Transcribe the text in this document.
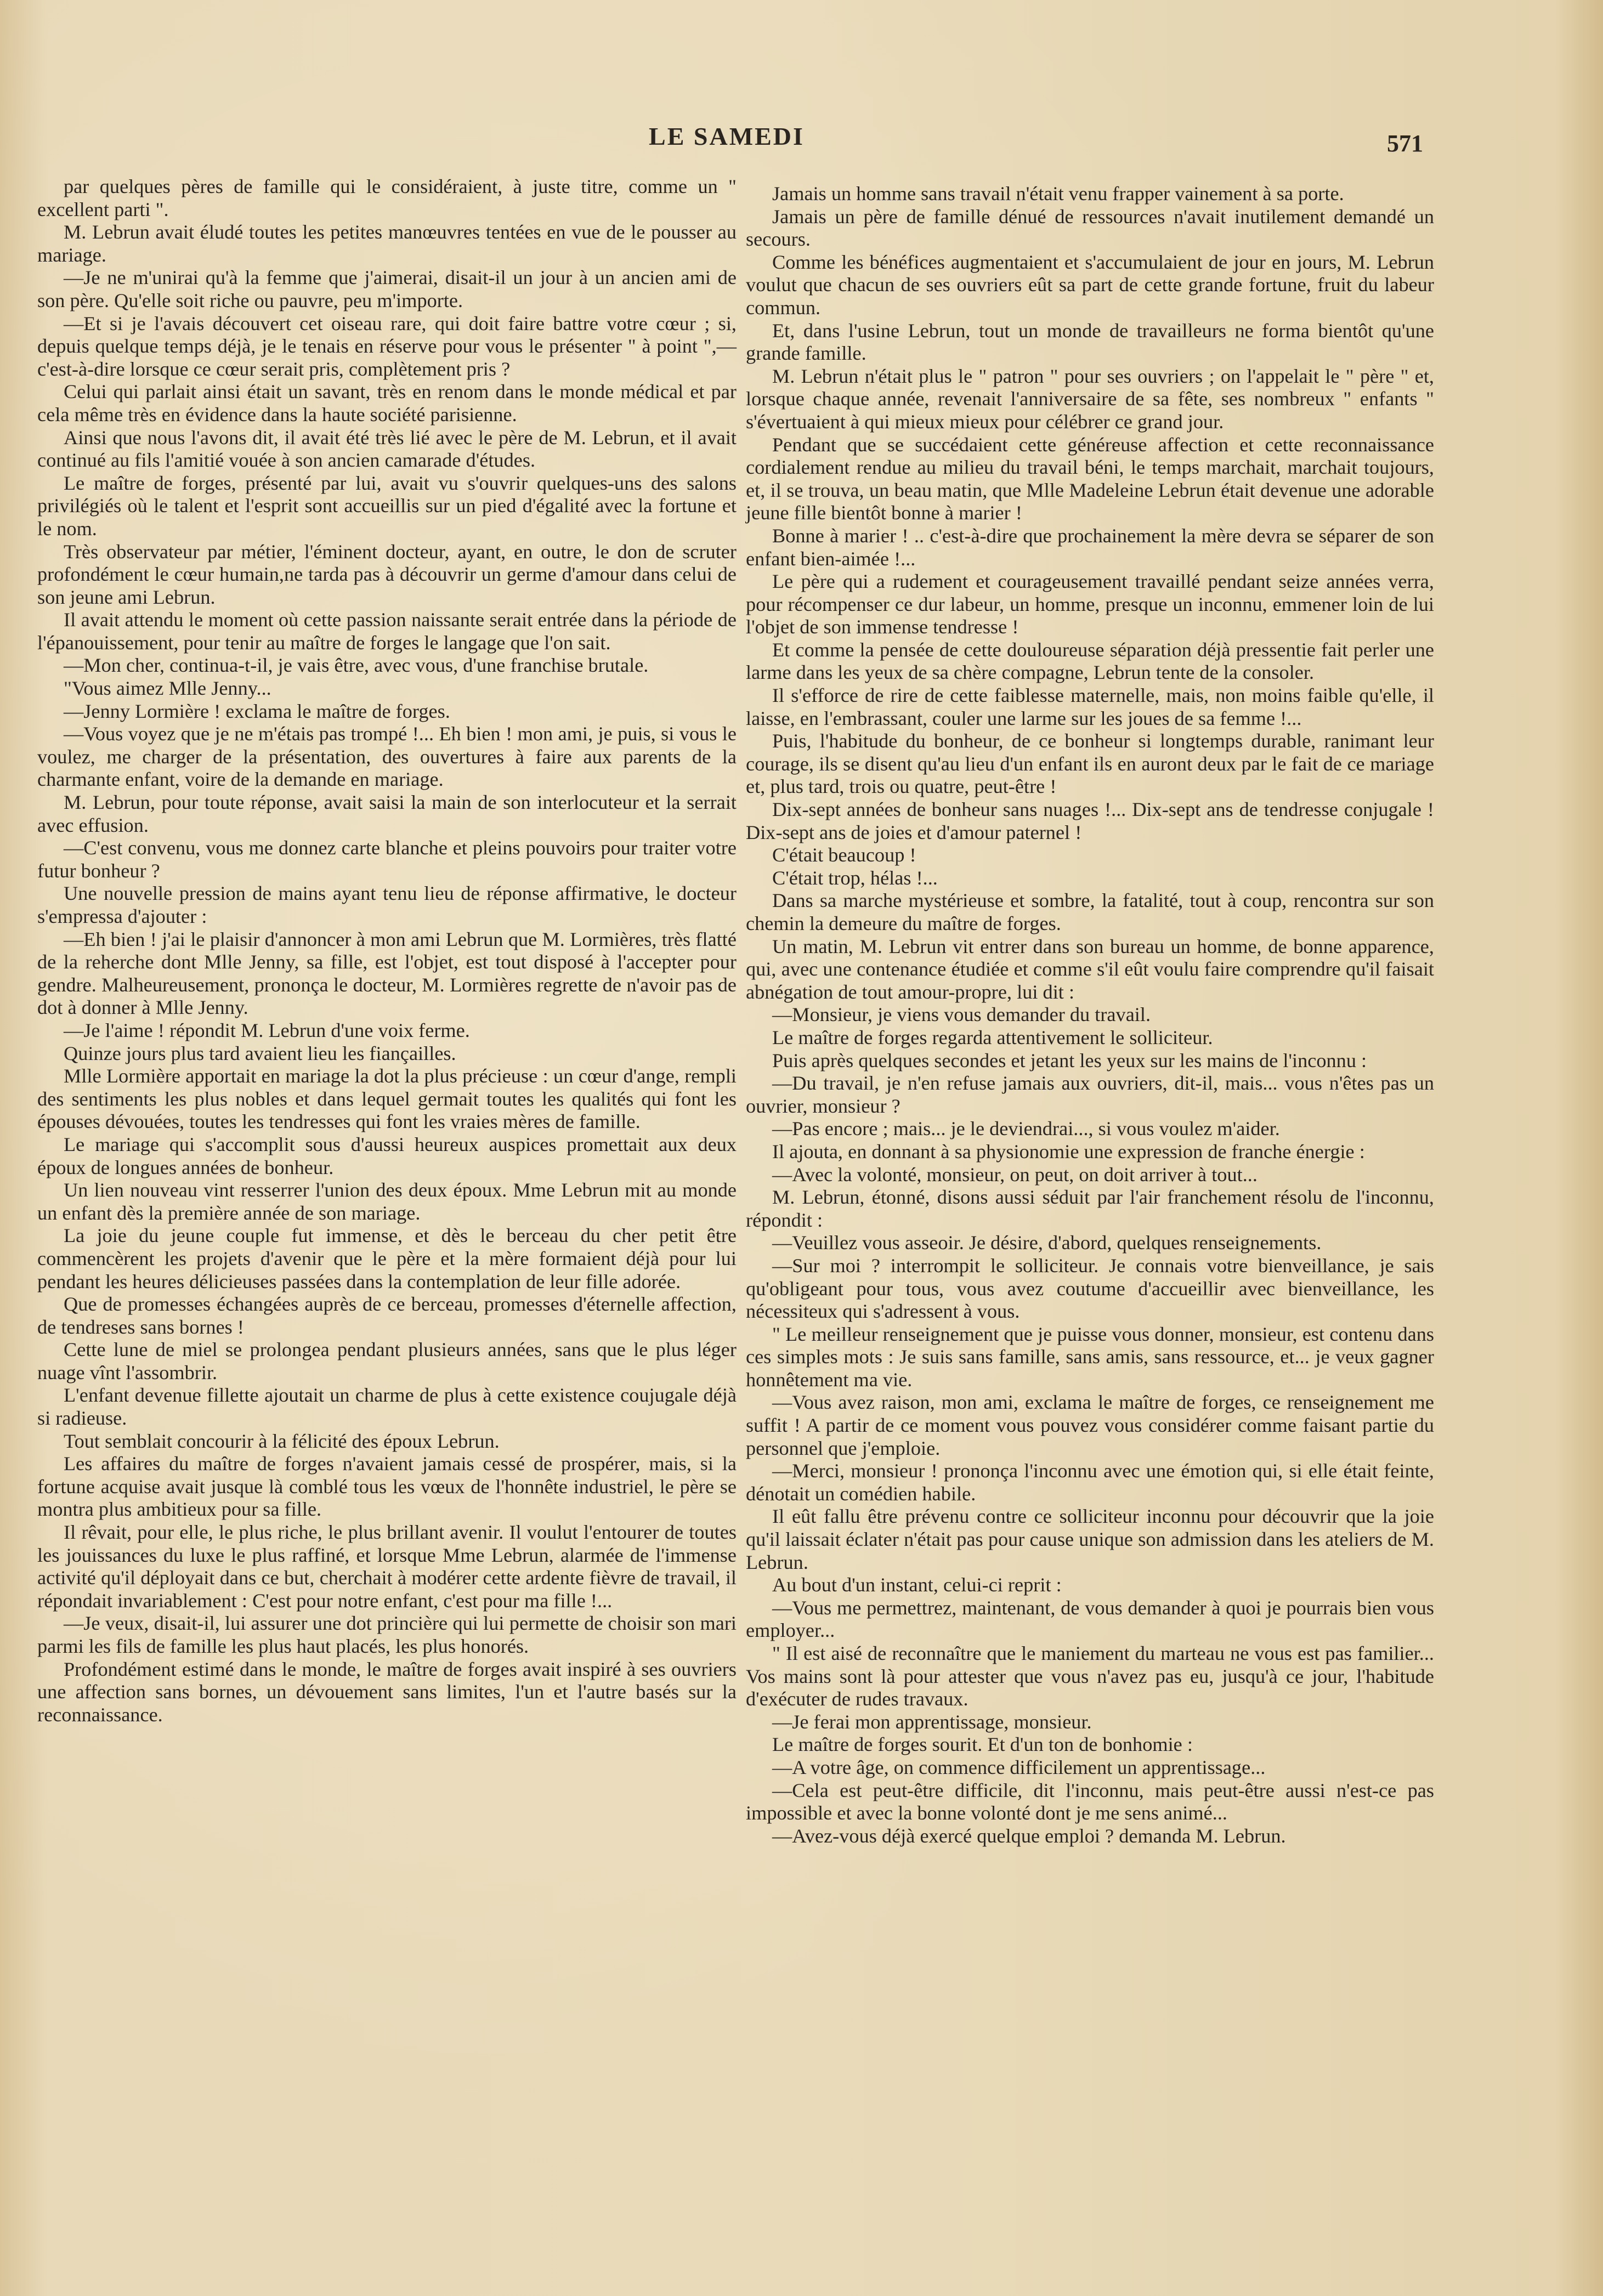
LE SAMEDI	571

par quelques pères de famille qui le considéraient, à juste titre, comme un " excellent parti ".

M. Lebrun avait éludé toutes les petites manœuvres tentées en vue de le pousser au mariage.

—Je ne m'unirai qu'à la femme que j'aimerai, disait-il un jour à un ancien ami de son père. Qu'elle soit riche ou pauvre, peu m'importe.

—Et si je l'avais découvert cet oiseau rare, qui doit faire battre votre cœur ; si, depuis quelque temps déjà, je le tenais en réserve pour vous le présenter " à point ",—c'est-à-dire lorsque ce cœur serait pris, complètement pris ?

Celui qui parlait ainsi était un savant, très en renom dans le monde médical et par cela même très en évidence dans la haute société parisienne.

Ainsi que nous l'avons dit, il avait été très lié avec le père de M. Lebrun, et il avait continué au fils l'amitié vouée à son ancien camarade d'études.

Le maître de forges, présenté par lui, avait vu s'ouvrir quelques-uns des salons privilégiés où le talent et l'esprit sont accueillis sur un pied d'égalité avec la fortune et le nom.

Très observateur par métier, l'éminent docteur, ayant, en outre, le don de scruter profondément le cœur humain,ne tarda pas à découvrir un germe d'amour dans celui de son jeune ami Lebrun.

Il avait attendu le moment où cette passion naissante serait entrée dans la période de l'épanouissement, pour tenir au maître de forges le langage que l'on sait.

—Mon cher, continua-t-il, je vais être, avec vous, d'une franchise brutale.

"Vous aimez Mlle Jenny...

—Jenny Lormière ! exclama le maître de forges.

—Vous voyez que je ne m'étais pas trompé !... Eh bien ! mon ami, je puis, si vous le voulez, me charger de la présentation, des ouvertures à faire aux parents de la charmante enfant, voire de la demande en mariage.

M. Lebrun, pour toute réponse, avait saisi la main de son interlocuteur et la serrait avec effusion.

—C'est convenu, vous me donnez carte blanche et pleins pouvoirs pour traiter votre futur bonheur ?

Une nouvelle pression de mains ayant tenu lieu de réponse affirmative, le docteur s'empressa d'ajouter :

—Eh bien ! j'ai le plaisir d'annoncer à mon ami Lebrun que M. Lormières, très flatté de la reherche dont Mlle Jenny, sa fille, est l'objet, est tout disposé à l'accepter pour gendre. Malheureusement, prononça le docteur, M. Lormières regrette de n'avoir pas de dot à donner à Mlle Jenny.

—Je l'aime ! répondit M. Lebrun d'une voix ferme.

Quinze jours plus tard avaient lieu les fiançailles.

Mlle Lormière apportait en mariage la dot la plus précieuse : un cœur d'ange, rempli des sentiments les plus nobles et dans lequel germait toutes les qualités qui font les épouses dévouées, toutes les tendresses qui font les vraies mères de famille.

Le mariage qui s'accomplit sous d'aussi heureux auspices promettait aux deux époux de longues années de bonheur.

Un lien nouveau vint resserrer l'union des deux époux. Mme Lebrun mit au monde un enfant dès la première année de son mariage.

La joie du jeune couple fut immense, et dès le berceau du cher petit être commencèrent les projets d'avenir que le père et la mère formaient déjà pour lui pendant les heures délicieuses passées dans la contemplation de leur fille adorée.

Que de promesses échangées auprès de ce berceau, promesses d'éternelle affection, de tendreses sans bornes !

Cette lune de miel se prolongea pendant plusieurs années, sans que le plus léger nuage vînt l'assombrir.

L'enfant devenue fillette ajoutait un charme de plus à cette existence coujugale déjà si radieuse.

Tout semblait concourir à la félicité des époux Lebrun.

Les affaires du maître de forges n'avaient jamais cessé de prospérer, mais, si la fortune acquise avait jusque là comblé tous les vœux de l'honnête industriel, le père se montra plus ambitieux pour sa fille.

Il rêvait, pour elle, le plus riche, le plus brillant avenir. Il voulut l'entourer de toutes les jouissances du luxe le plus raffiné, et lorsque Mme Lebrun, alarmée de l'immense activité qu'il déployait dans ce but, cherchait à modérer cette ardente fièvre de travail, il répondait invariablement : C'est pour notre enfant, c'est pour ma fille !...

—Je veux, disait-il, lui assurer une dot princière qui lui permette de choisir son mari parmi les fils de famille les plus haut placés, les plus honorés.

Profondément estimé dans le monde, le maître de forges avait inspiré à ses ouvriers une affection sans bornes, un dévouement sans limites, l'un et l'autre basés sur la reconnaissance.

Jamais un homme sans travail n'était venu frapper vainement à sa porte.

Jamais un père de famille dénué de ressources n'avait inutilement demandé un secours.

Comme les bénéfices augmentaient et s'accumulaient de jour en jours, M. Lebrun voulut que chacun de ses ouvriers eût sa part de cette grande fortune, fruit du labeur commun.

Et, dans l'usine Lebrun, tout un monde de travailleurs ne forma bientôt qu'une grande famille.

M. Lebrun n'était plus le " patron " pour ses ouvriers ; on l'appelait le " père " et, lorsque chaque année, revenait l'anniversaire de sa fête, ses nombreux " enfants " s'évertuaient à qui mieux mieux pour célébrer ce grand jour.

Pendant que se succédaient cette généreuse affection et cette reconnaissance cordialement rendue au milieu du travail béni, le temps marchait, marchait toujours, et, il se trouva, un beau matin, que Mlle Madeleine Lebrun était devenue une adorable jeune fille bientôt bonne à marier !

Bonne à marier ! .. c'est-à-dire que prochainement la mère devra se séparer de son enfant bien-aimée !...

Le père qui a rudement et courageusement travaillé pendant seize années verra, pour récompenser ce dur labeur, un homme, presque un inconnu, emmener loin de lui l'objet de son immense tendresse !

Et comme la pensée de cette douloureuse séparation déjà pressentie fait perler une larme dans les yeux de sa chère compagne, Lebrun tente de la consoler.

Il s'efforce de rire de cette faiblesse maternelle, mais, non moins faible qu'elle, il laisse, en l'embrassant, couler une larme sur les joues de sa femme !...

Puis, l'habitude du bonheur, de ce bonheur si longtemps durable, ranimant leur courage, ils se disent qu'au lieu d'un enfant ils en auront deux par le fait de ce mariage et, plus tard, trois ou quatre, peut-être !

Dix-sept années de bonheur sans nuages !... Dix-sept ans de tendresse conjugale ! Dix-sept ans de joies et d'amour paternel !

C'était beaucoup !

C'était trop, hélas !...

Dans sa marche mystérieuse et sombre, la fatalité, tout à coup, rencontra sur son chemin la demeure du maître de forges.

Un matin, M. Lebrun vit entrer dans son bureau un homme, de bonne apparence, qui, avec une contenance étudiée et comme s'il eût voulu faire comprendre qu'il faisait abnégation de tout amour-propre, lui dit :

—Monsieur, je viens vous demander du travail.

Le maître de forges regarda attentivement le solliciteur.

Puis après quelques secondes et jetant les yeux sur les mains de l'inconnu :

—Du travail, je n'en refuse jamais aux ouvriers, dit-il, mais... vous n'êtes pas un ouvrier, monsieur ?

—Pas encore ; mais... je le deviendrai..., si vous voulez m'aider.

Il ajouta, en donnant à sa physionomie une expression de franche énergie :

—Avec la volonté, monsieur, on peut, on doit arriver à tout...

M. Lebrun, étonné, disons aussi séduit par l'air franchement résolu de l'inconnu, répondit :

—Veuillez vous asseoir. Je désire, d'abord, quelques renseignements.

—Sur moi ? interrompit le solliciteur. Je connais votre bienveillance, je sais qu'obligeant pour tous, vous avez coutume d'accueillir avec bienveillance, les nécessiteux qui s'adressent à vous.

" Le meilleur renseignement que je puisse vous donner, monsieur, est contenu dans ces simples mots : Je suis sans famille, sans amis, sans ressource, et... je veux gagner honnêtement ma vie.

—Vous avez raison, mon ami, exclama le maître de forges, ce renseignement me suffit ! A partir de ce moment vous pouvez vous considérer comme faisant partie du personnel que j'emploie.

—Merci, monsieur ! prononça l'inconnu avec une émotion qui, si elle était feinte, dénotait un comédien habile.

Il eût fallu être prévenu contre ce solliciteur inconnu pour découvrir que la joie qu'il laissait éclater n'était pas pour cause unique son admission dans les ateliers de M. Lebrun.

Au bout d'un instant, celui-ci reprit :

—Vous me permettrez, maintenant, de vous demander à quoi je pourrais bien vous employer...

" Il est aisé de reconnaître que le maniement du marteau ne vous est pas familier... Vos mains sont là pour attester que vous n'avez pas eu, jusqu'à ce jour, l'habitude d'exécuter de rudes travaux.

—Je ferai mon apprentissage, monsieur.

Le maître de forges sourit. Et d'un ton de bonhomie :

—A votre âge, on commence difficilement un apprentissage...

—Cela est peut-être difficile, dit l'inconnu, mais peut-être aussi n'est-ce pas impossible et avec la bonne volonté dont je me sens animé...

—Avez-vous déjà exercé quelque emploi ? demanda M. Lebrun.
